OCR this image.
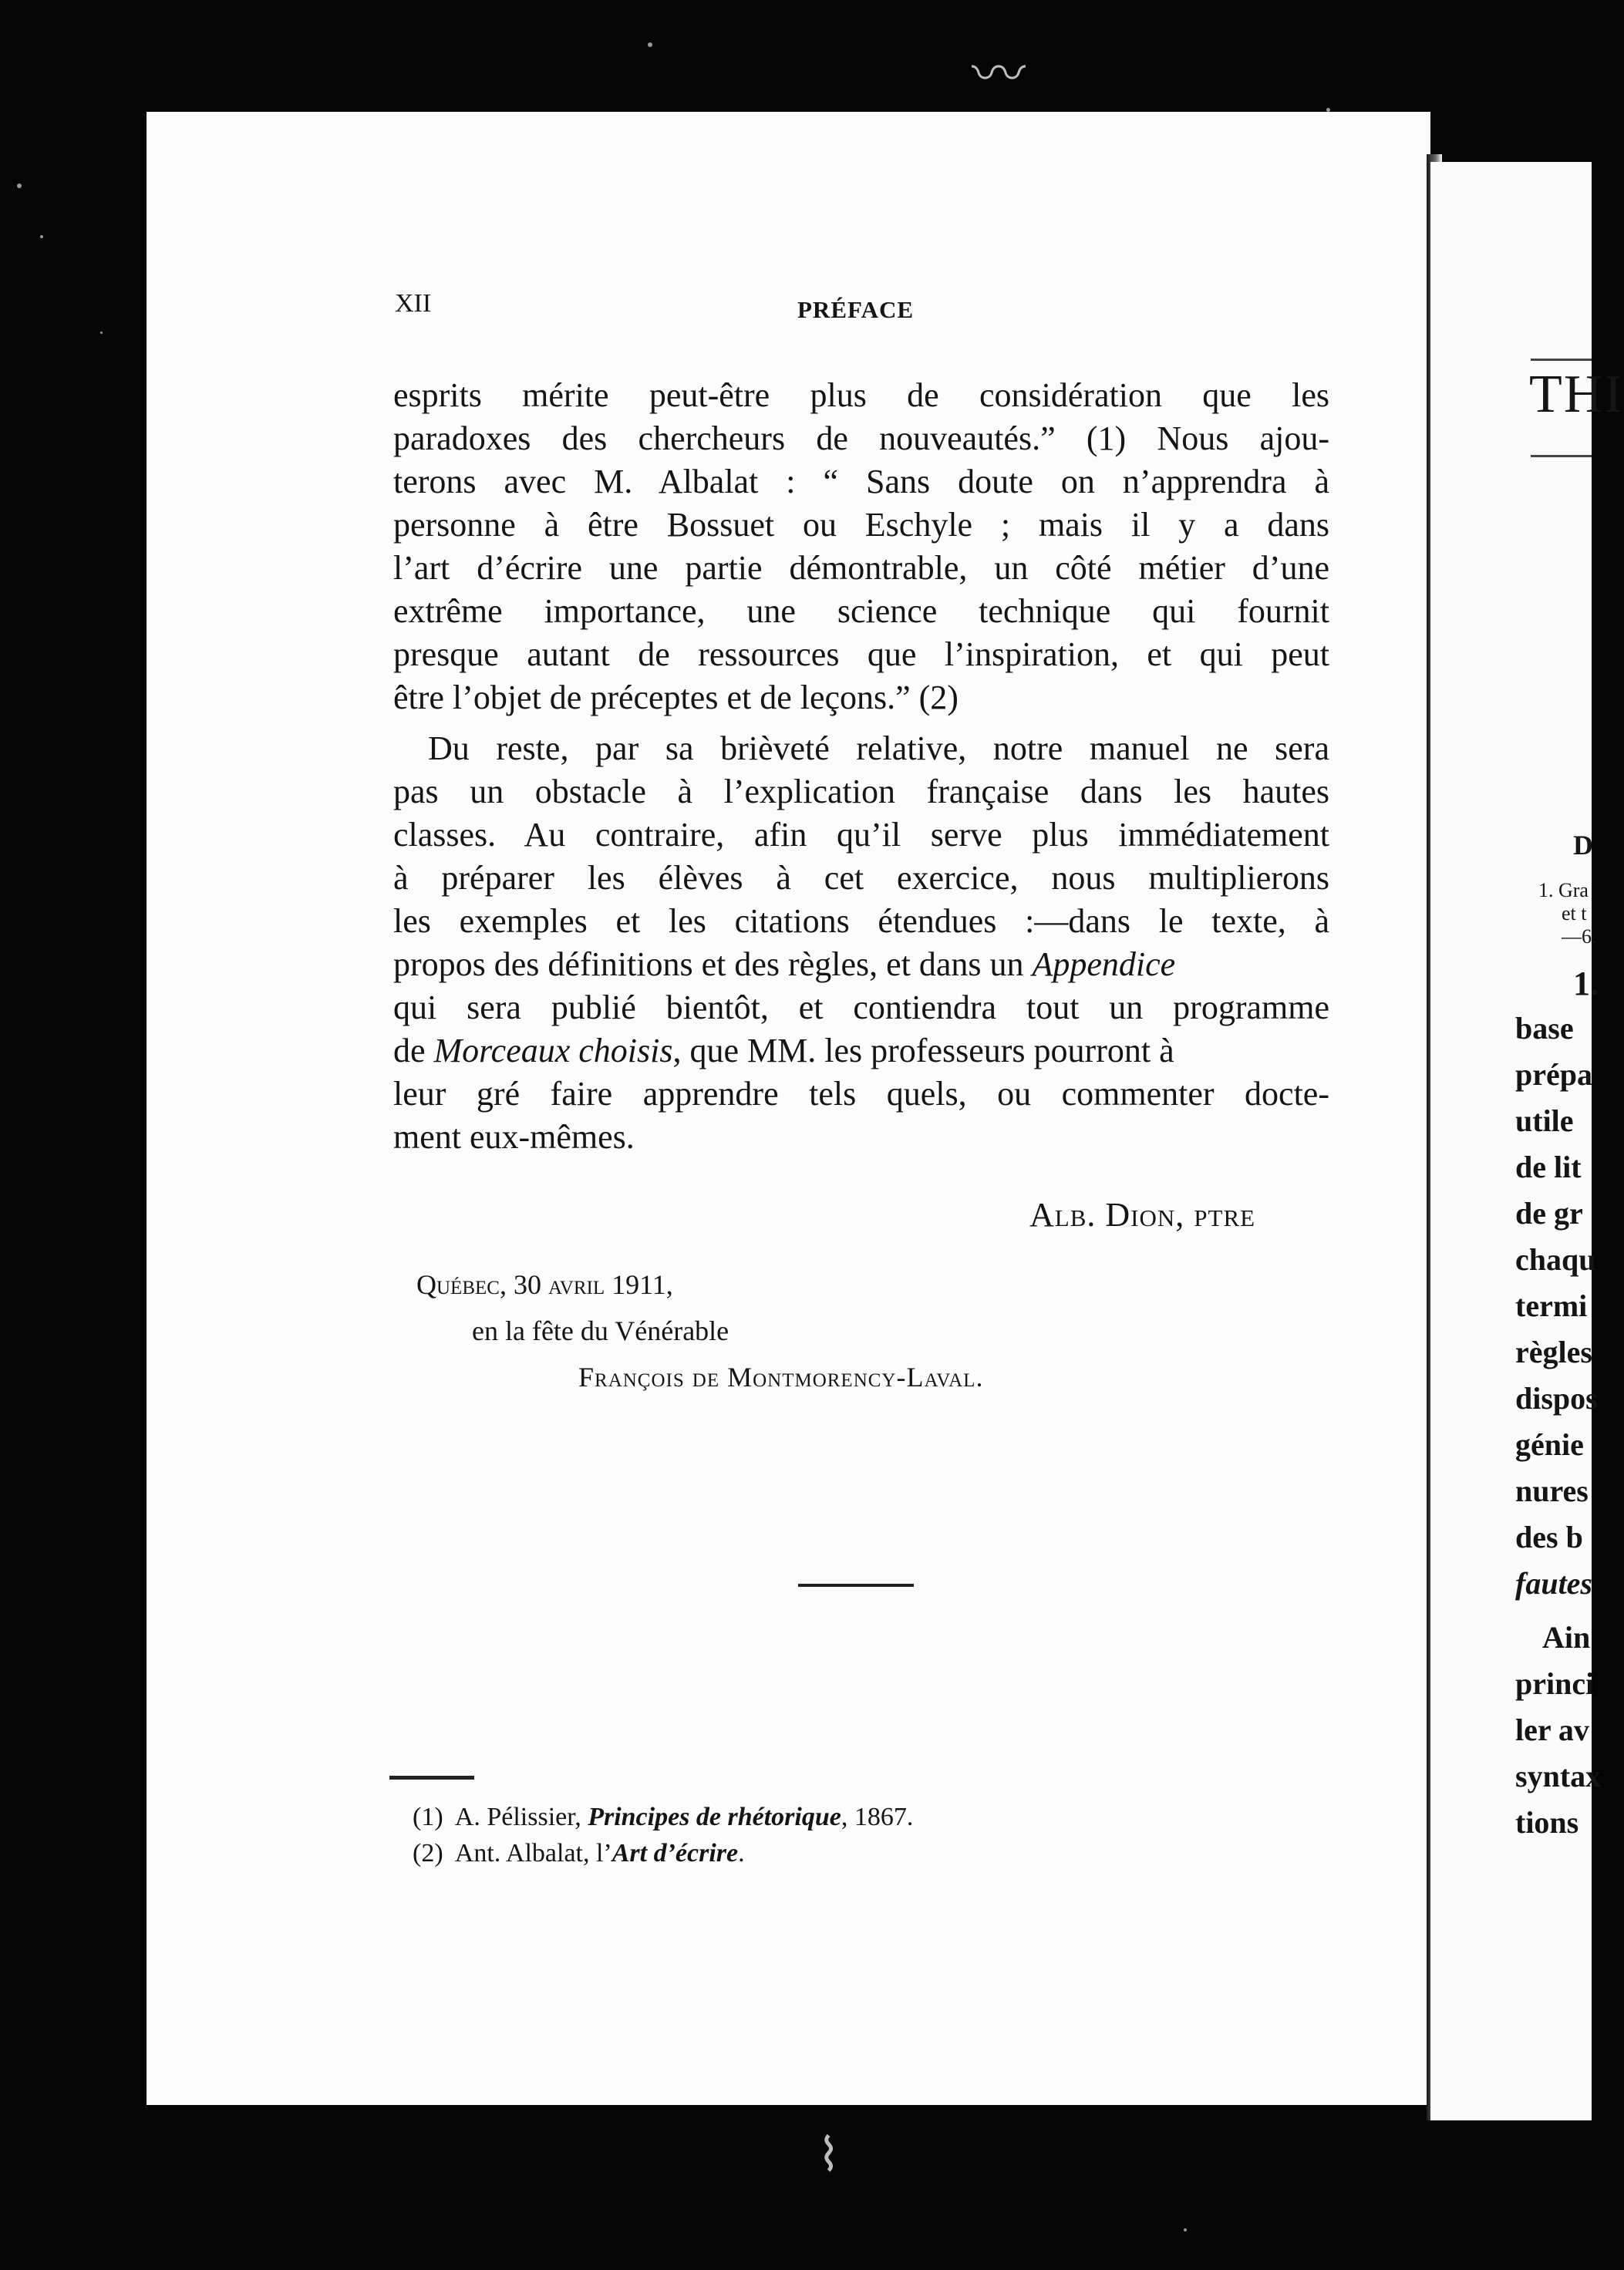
〰
⌇
XII	PRÉFACE
esprits mérite peut-être plus de considération que les
paradoxes des chercheurs de nouveautés.” (1) Nous ajou-
terons avec M. Albalat : “ Sans doute on n’apprendra à
personne à être Bossuet ou Eschyle ; mais il y a dans
l’art d’écrire une partie démontrable, un côté métier d’une
extrême importance, une science technique qui fournit
presque autant de ressources que l’inspiration, et qui peut
être l’objet de préceptes et de leçons.” (2)
Du reste, par sa brièveté relative, notre manuel ne sera
pas un obstacle à l’explication française dans les hautes
classes. Au contraire, afin qu’il serve plus immédiatement
à préparer les élèves à cet exercice, nous multiplierons
les exemples et les citations étendues :—dans le texte, à
propos des définitions et des règles, et dans un Appendice
qui sera publié bientôt, et contiendra tout un programme
de Morceaux choisis, que MM. les professeurs pourront à
leur gré faire apprendre tels quels, ou commenter docte-
ment eux-mêmes.
Alb. Dion, ptre
Québec, 30 avril 1911,
en la fête du Vénérable
François de Montmorency-Laval.
(1) A. Pélissier, Principes de rhétorique, 1867.
(2) Ant. Albalat, l’Art d’écrire.
THI
D
1. Gra
et t
—6.
1.
base
prépa
utile
de lit
de gr
chaqu
termi
règles
dispos
génie
nures
des b
fautes
Ain
princi
ler av
syntax
tions
